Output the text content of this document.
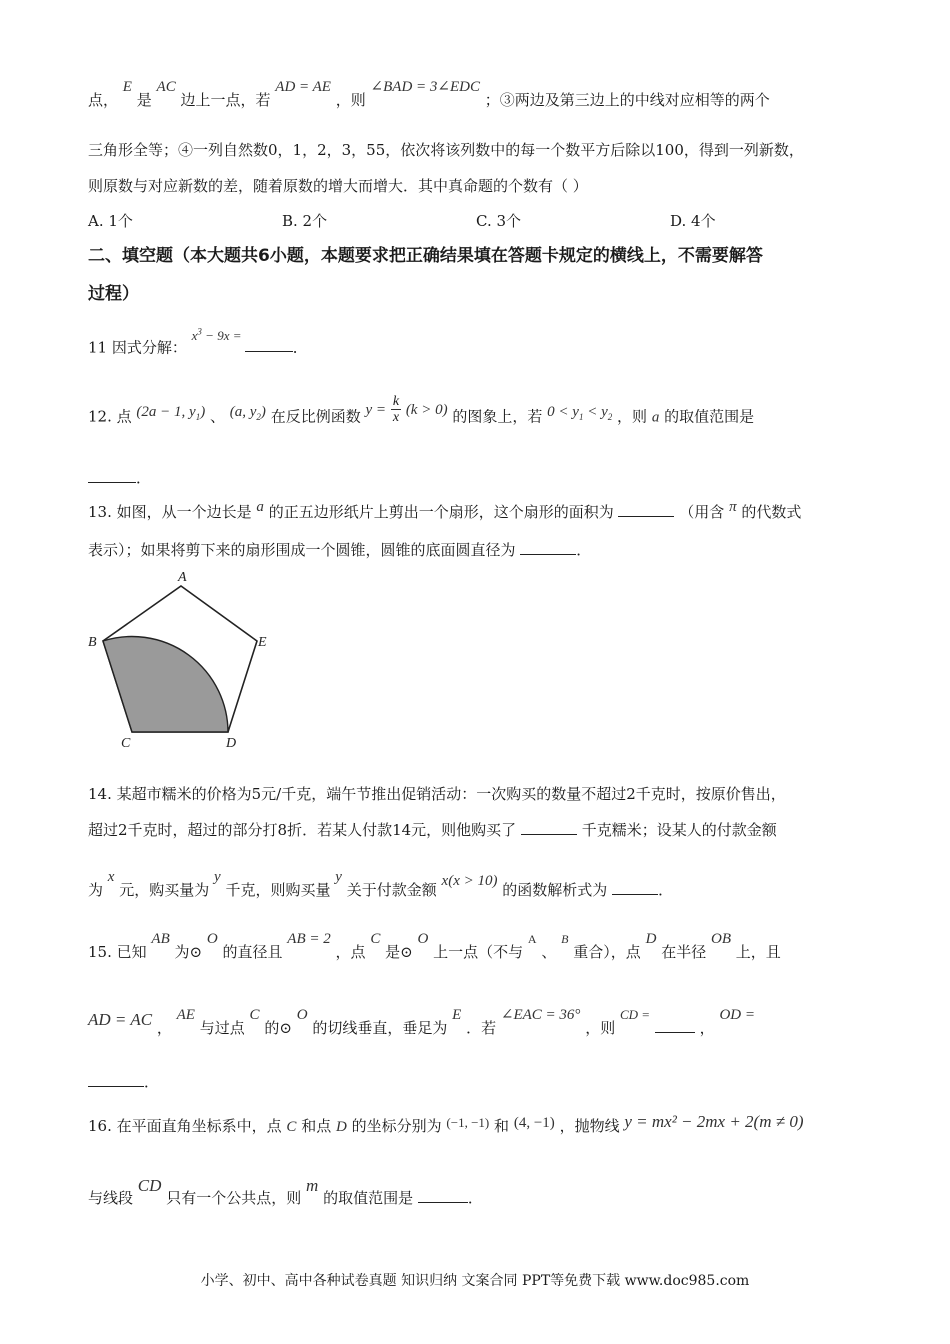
点， E 是 AC 边上一点，若 AD = AE ，则 ∠BAD = 3∠EDC ；③两边及第三边上的中线对应相等的两个
三角形全等；④一列自然数0，1，2，3，55，依次将该列数中的每一个数平方后除以100，得到一列新数，
则原数与对应新数的差，随着原数的增大而增大．其中真命题的个数有（ ）
A. 1个	B. 2个	C. 3个	D. 4个
二、填空题（本大题共6小题，本题要求把正确结果填在答题卡规定的横线上，不需要解答
过程）
11 因式分解： $x^3 - 9x$ = ．
12. 点 (2a − 1, $y_1$) 、 (a, $y_2$) 在反比例函数 $y = \frac{k}{x} (k > 0)$ 的图象上，若 $0 < y_1 < y_2$ ，则 a 的取值范围是
．
13. 如图，从一个边长是 a 的正五边形纸片上剪出一个扇形，这个扇形的面积为	（用含 π 的代数式
表示）；如果将剪下来的扇形围成一个圆锥，圆锥的底面圆直径为	．
A
B
C	D
E
14. 某超市糯米的价格为5元/千克，端午节推出促销活动：一次购买的数量不超过2千克时，按原价售出，
超过2千克时，超过的部分打8折．若某人付款14元，则他购买了	千克糯米；设某人的付款金额
为 x 元，购买量为 y 千克，则购买量 y 关于付款金额 x(x > 10) 的函数解析式为	．
15. 已知 AB 为⊙ O 的直径且 AB = 2 ，点 C 是⊙ O 上一点（不与 $^A$ 、 $^B$ 重合），点 D 在半径 OB 上，且
AD = AC ， AE 与过点 C 的⊙ O 的切线垂直，垂足为 E ．若 ∠EAC = 36° ，则 CD =  ， OD =
．
16. 在平面直角坐标系中，点 C 和点 D 的坐标分别为 (−1, −1) 和 (4, −1) ，抛物线 y = mx² − 2mx + 2(m ≠ 0)
与线段 CD 只有一个公共点，则 m 的取值范围是	．
小学、初中、高中各种试卷真题 知识归纳 文案合同 PPT等免费下载 www.doc985.com
